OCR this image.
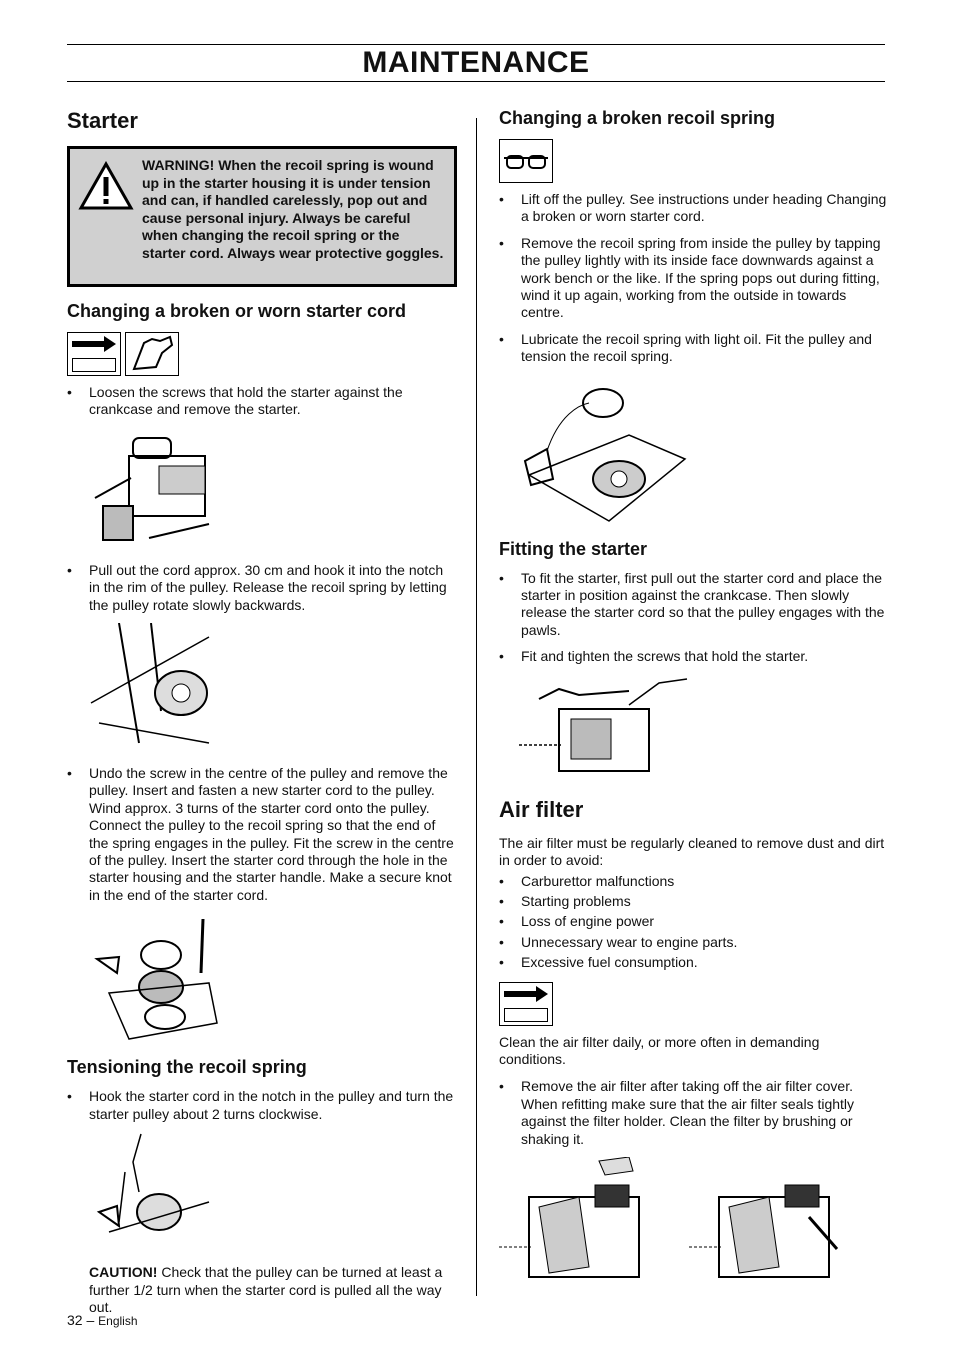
MAINTENANCE
Starter

WARNING! When the recoil spring is wound up in the starter housing it is under tension and can, if handled carelessly, pop out and cause personal injury. Always be careful when changing the recoil spring or the starter cord. Always wear protective goggles.

Changing a broken or worn starter cord
• Loosen the screws that hold the starter against the crankcase and remove the starter.
• Pull out the cord approx. 30 cm and hook it into the notch in the rim of the pulley. Release the recoil spring by letting the pulley rotate slowly backwards.
• Undo the screw in the centre of the pulley and remove the pulley. Insert and fasten a new starter cord to the pulley. Wind approx. 3 turns of the starter cord onto the pulley. Connect the pulley to the recoil spring so that the end of the spring engages in the pulley. Fit the screw in the centre of the pulley. Insert the starter cord through the hole in the starter housing and the starter handle. Make a secure knot in the end of the starter cord.
Tensioning the recoil spring
• Hook the starter cord in the notch in the pulley and turn the starter pulley about 2 turns clockwise.

CAUTION! Check that the pulley can be turned at least a further 1/2 turn when the starter cord is pulled all the way out.

Changing a broken recoil spring
• Lift off the pulley. See instructions under heading Changing a broken or worn starter cord.
• Remove the recoil spring from inside the pulley by tapping the pulley lightly with its inside face downwards against a work bench or the like. If the spring pops out during fitting, wind it up again, working from the outside in towards centre.
• Lubricate the recoil spring with light oil. Fit the pulley and tension the recoil spring.
Fitting the starter
• To fit the starter, first pull out the starter cord and place the starter in position against the crankcase. Then slowly release the starter cord so that the pulley engages with the pawls.
• Fit and tighten the screws that hold the starter.
Air filter

The air filter must be regularly cleaned to remove dust and dirt in order to avoid:

• Carburettor malfunctions
• Starting problems
• Loss of engine power
• Unnecessary wear to engine parts.
• Excessive fuel consumption.

Clean the air filter daily, or more often in demanding conditions.

• Remove the air filter after taking off the air filter cover. When refitting make sure that the air filter seals tightly against the filter holder. Clean the filter by brushing or shaking it.
32 – English
